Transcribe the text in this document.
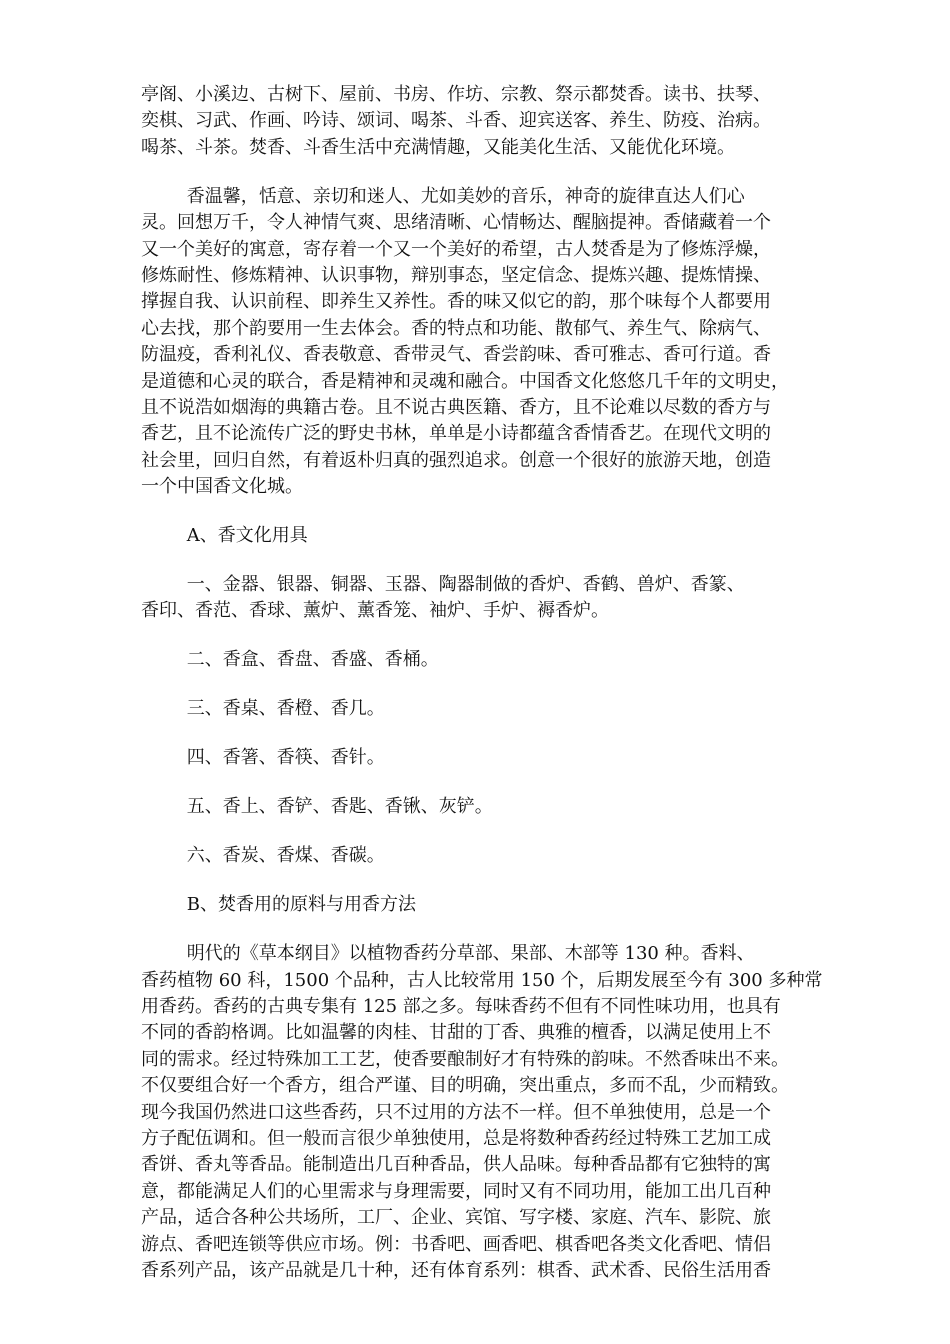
亭阁、小溪边、古树下、屋前、书房、作坊、宗教、祭示都焚香。读书、扶琴、
奕棋、习武、作画、吟诗、颂词、喝茶、斗香、迎宾送客、养生、防疫、治病。
喝茶、斗茶。焚香、斗香生活中充满情趣，又能美化生活、又能优化环境。
香温馨，恬意、亲切和迷人、尤如美妙的音乐，神奇的旋律直达人们心
灵。回想万千，令人神情气爽、思绪清晰、心情畅达、醒脑提神。香储藏着一个
又一个美好的寓意，寄存着一个又一个美好的希望，古人焚香是为了修炼浮燥，
修炼耐性、修炼精神、认识事物，辩别事态，坚定信念、提炼兴趣、提炼情操、
撑握自我、认识前程、即养生又养性。香的味又似它的韵，那个味每个人都要用
心去找，那个韵要用一生去体会。香的特点和功能、散郁气、养生气、除病气、
防温疫，香利礼仪、香表敬意、香带灵气、香尝韵味、香可雅志、香可行道。香
是道德和心灵的联合，香是精神和灵魂和融合。中国香文化悠悠几千年的文明史，
且不说浩如烟海的典籍古卷。且不说古典医籍、香方，且不论难以尽数的香方与
香艺，且不论流传广泛的野史书林，单单是小诗都蕴含香情香艺。在现代文明的
社会里，回归自然，有着返朴归真的强烈追求。创意一个很好的旅游天地，创造
一个中国香文化城。
A、香文化用具
一、金器、银器、铜器、玉器、陶器制做的香炉、香鹤、兽炉、香篆、
香印、香范、香球、薰炉、薰香笼、袖炉、手炉、褥香炉。
二、香盒、香盘、香盛、香桶。
三、香桌、香橙、香几。
四、香箸、香筷、香针。
五、香上、香铲、香匙、香锹、灰铲。
六、香炭、香煤、香碳。
B、焚香用的原料与用香方法
明代的《草本纲目》以植物香药分草部、果部、木部等 130 种。香料、
香药植物 60 科，1500 个品种，古人比较常用 150 个，后期发展至今有 300 多种常
用香药。香药的古典专集有 125 部之多。每味香药不但有不同性味功用，也具有
不同的香韵格调。比如温馨的肉桂、甘甜的丁香、典雅的檀香，以满足使用上不
同的需求。经过特殊加工工艺，使香要酿制好才有特殊的韵味。不然香味出不来。
不仅要组合好一个香方，组合严谨、目的明确，突出重点，多而不乱，少而精致。
现今我国仍然进口这些香药，只不过用的方法不一样。但不单独使用，总是一个
方子配伍调和。但一般而言很少单独使用，总是将数种香药经过特殊工艺加工成
香饼、香丸等香品。能制造出几百种香品，供人品味。每种香品都有它独特的寓
意，都能满足人们的心里需求与身理需要，同时又有不同功用，能加工出几百种
产品，适合各种公共场所，工厂、企业、宾馆、写字楼、家庭、汽车、影院、旅
游点、香吧连锁等供应市场。例：书香吧、画香吧、棋香吧各类文化香吧、情侣
香系列产品，该产品就是几十种，还有体育系列：棋香、武术香、民俗生活用香
